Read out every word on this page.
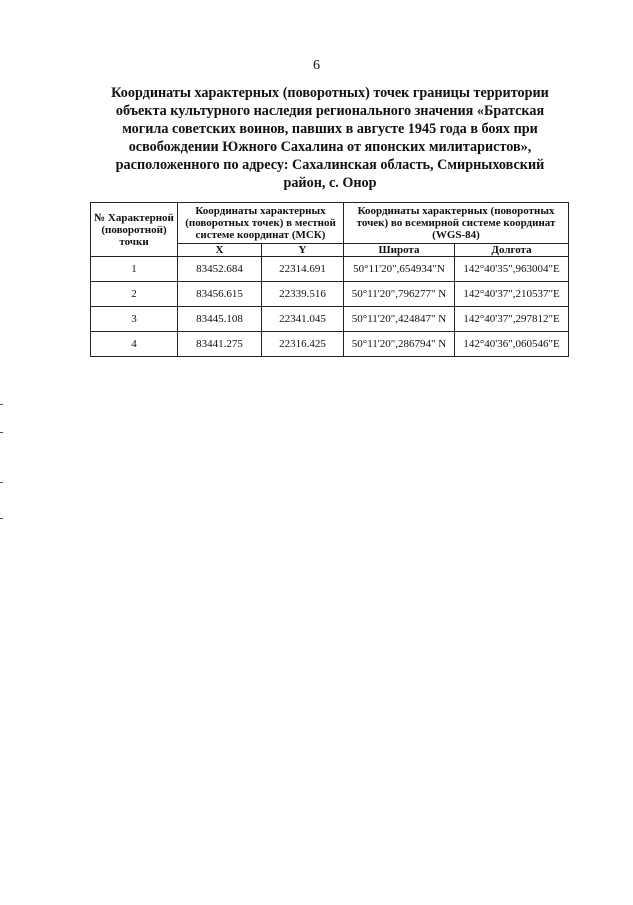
6
Координаты характерных (поворотных) точек границы территории
объекта культурного наследия регионального значения «Братская
могила советских воинов, павших в августе 1945 года в боях при
освобождении Южного Сахалина от японских милитаристов»,
расположенного по адресу: Сахалинская область, Смирныховский
район, с. Онор
№ Характерной (поворотной) точки	Координаты характерных (поворотных точек) в местной системе координат (МСК)		Координаты характерных (поворотных точек) во всемирной системе координат (WGS-84)	
	X	Y	Широта	Долгота
1	83452.684	22314.691	50°11'20",654934"N	142°40'35",963004"E
2	83456.615	22339.516	50°11'20",796277" N	142°40'37",210537"E
3	83445.108	22341.045	50°11'20",424847" N	142°40'37",297812"E
4	83441.275	22316.425	50°11'20",286794" N	142°40'36",060546"E
